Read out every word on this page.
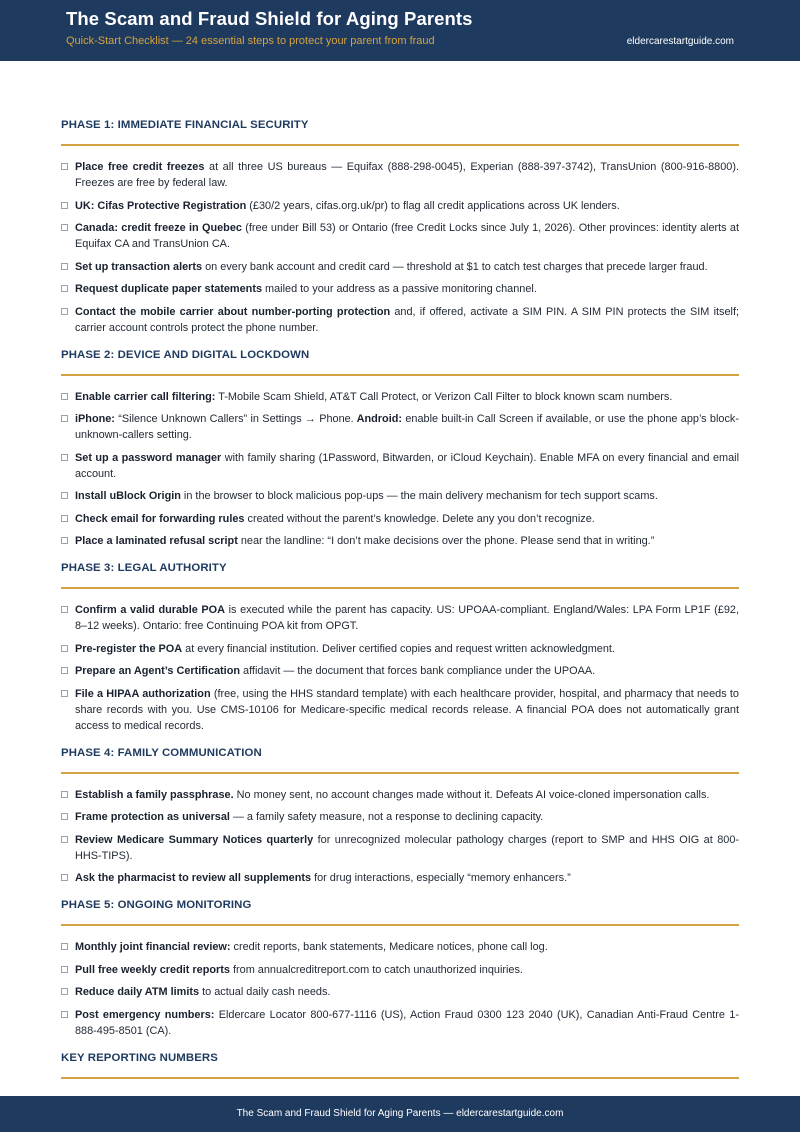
The Scam and Fraud Shield for Aging Parents
Quick-Start Checklist — 24 essential steps to protect your parent from fraud	eldercarestartguide.com
PHASE 1: IMMEDIATE FINANCIAL SECURITY
Place free credit freezes at all three US bureaus — Equifax (888-298-0045), Experian (888-397-3742), TransUnion (800-916-8800). Freezes are free by federal law.
UK: Cifas Protective Registration (£30/2 years, cifas.org.uk/pr) to flag all credit applications across UK lenders.
Canada: credit freeze in Quebec (free under Bill 53) or Ontario (free Credit Locks since July 1, 2026). Other provinces: identity alerts at Equifax CA and TransUnion CA.
Set up transaction alerts on every bank account and credit card — threshold at $1 to catch test charges that precede larger fraud.
Request duplicate paper statements mailed to your address as a passive monitoring channel.
Contact the mobile carrier about number-porting protection and, if offered, activate a SIM PIN. A SIM PIN protects the SIM itself; carrier account controls protect the phone number.
PHASE 2: DEVICE AND DIGITAL LOCKDOWN
Enable carrier call filtering: T-Mobile Scam Shield, AT&T Call Protect, or Verizon Call Filter to block known scam numbers.
iPhone: “Silence Unknown Callers” in Settings → Phone. Android: enable built-in Call Screen if available, or use the phone app’s block-unknown-callers setting.
Set up a password manager with family sharing (1Password, Bitwarden, or iCloud Keychain). Enable MFA on every financial and email account.
Install uBlock Origin in the browser to block malicious pop-ups — the main delivery mechanism for tech support scams.
Check email for forwarding rules created without the parent’s knowledge. Delete any you don’t recognize.
Place a laminated refusal script near the landline: “I don’t make decisions over the phone. Please send that in writing.”
PHASE 3: LEGAL AUTHORITY
Confirm a valid durable POA is executed while the parent has capacity. US: UPOAA-compliant. England/Wales: LPA Form LP1F (£92, 8–12 weeks). Ontario: free Continuing POA kit from OPGT.
Pre-register the POA at every financial institution. Deliver certified copies and request written acknowledgment.
Prepare an Agent’s Certification affidavit — the document that forces bank compliance under the UPOAA.
File a HIPAA authorization (free, using the HHS standard template) with each healthcare provider, hospital, and pharmacy that needs to share records with you. Use CMS-10106 for Medicare-specific medical records release. A financial POA does not automatically grant access to medical records.
PHASE 4: FAMILY COMMUNICATION
Establish a family passphrase. No money sent, no account changes made without it. Defeats AI voice-cloned impersonation calls.
Frame protection as universal — a family safety measure, not a response to declining capacity.
Review Medicare Summary Notices quarterly for unrecognized molecular pathology charges (report to SMP and HHS OIG at 800-HHS-TIPS).
Ask the pharmacist to review all supplements for drug interactions, especially “memory enhancers.”
PHASE 5: ONGOING MONITORING
Monthly joint financial review: credit reports, bank statements, Medicare notices, phone call log.
Pull free weekly credit reports from annualcreditreport.com to catch unauthorized inquiries.
Reduce daily ATM limits to actual daily cash needs.
Post emergency numbers: Eldercare Locator 800-677-1116 (US), Action Fraud 0300 123 2040 (UK), Canadian Anti-Fraud Centre 1-888-495-8501 (CA).
KEY REPORTING NUMBERS
The Scam and Fraud Shield for Aging Parents — eldercarestartguide.com
